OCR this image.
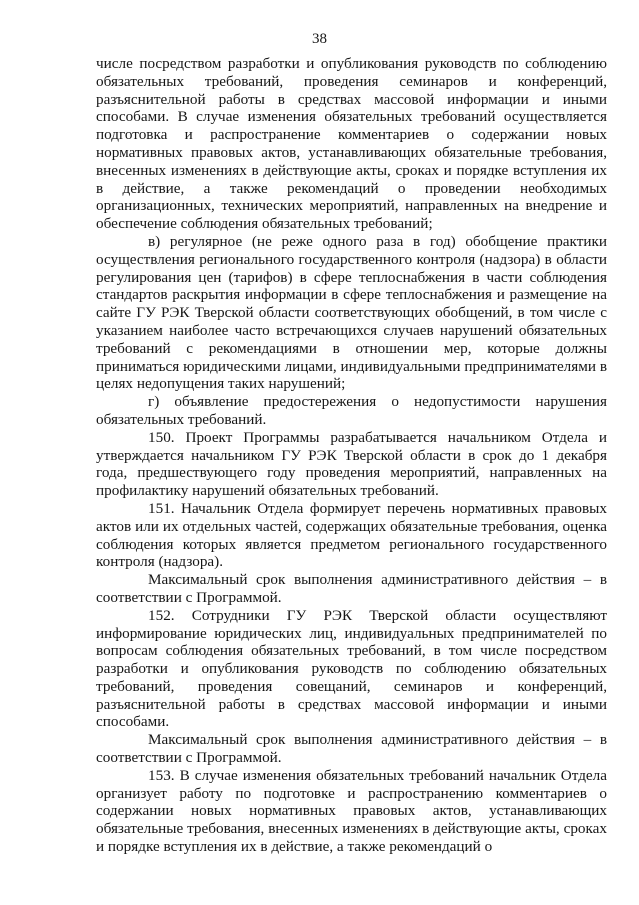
38

числе посредством разработки и опубликования руководств по соблюдению обязательных требований, проведения семинаров и конференций, разъяснительной работы в средствах массовой информации и иными способами. В случае изменения обязательных требований осуществляется подготовка и распространение комментариев о содержании новых нормативных правовых актов, устанавливающих обязательные требования, внесенных изменениях в действующие акты, сроках и порядке вступления их в действие, а также рекомендаций о проведении необходимых организационных, технических мероприятий, направленных на внедрение и обеспечение соблюдения обязательных требований;

в) регулярное (не реже одного раза в год) обобщение практики осуществления регионального государственного контроля (надзора) в области регулирования цен (тарифов) в сфере теплоснабжения в части соблюдения стандартов раскрытия информации в сфере теплоснабжения и размещение на сайте ГУ РЭК Тверской области соответствующих обобщений, в том числе с указанием наиболее часто встречающихся случаев нарушений обязательных требований с рекомендациями в отношении мер, которые должны приниматься юридическими лицами, индивидуальными предпринимателями в целях недопущения таких нарушений;

г) объявление предостережения о недопустимости нарушения обязательных требований.

150. Проект Программы разрабатывается начальником Отдела и утверждается начальником ГУ РЭК Тверской области в срок до 1 декабря года, предшествующего году проведения мероприятий, направленных на профилактику нарушений обязательных требований.

151. Начальник Отдела формирует перечень нормативных правовых актов или их отдельных частей, содержащих обязательные требования, оценка соблюдения которых является предметом регионального государственного контроля (надзора).

Максимальный срок выполнения административного действия – в соответствии с Программой.

152. Сотрудники ГУ РЭК Тверской области осуществляют информирование юридических лиц, индивидуальных предпринимателей по вопросам соблюдения обязательных требований, в том числе посредством разработки и опубликования руководств по соблюдению обязательных требований, проведения совещаний, семинаров и конференций, разъяснительной работы в средствах массовой информации и иными способами.

Максимальный срок выполнения административного действия – в соответствии с Программой.

153. В случае изменения обязательных требований начальник Отдела организует работу по подготовке и распространению комментариев о содержании новых нормативных правовых актов, устанавливающих обязательные требования, внесенных изменениях в действующие акты, сроках и порядке вступления их в действие, а также рекомендаций о
